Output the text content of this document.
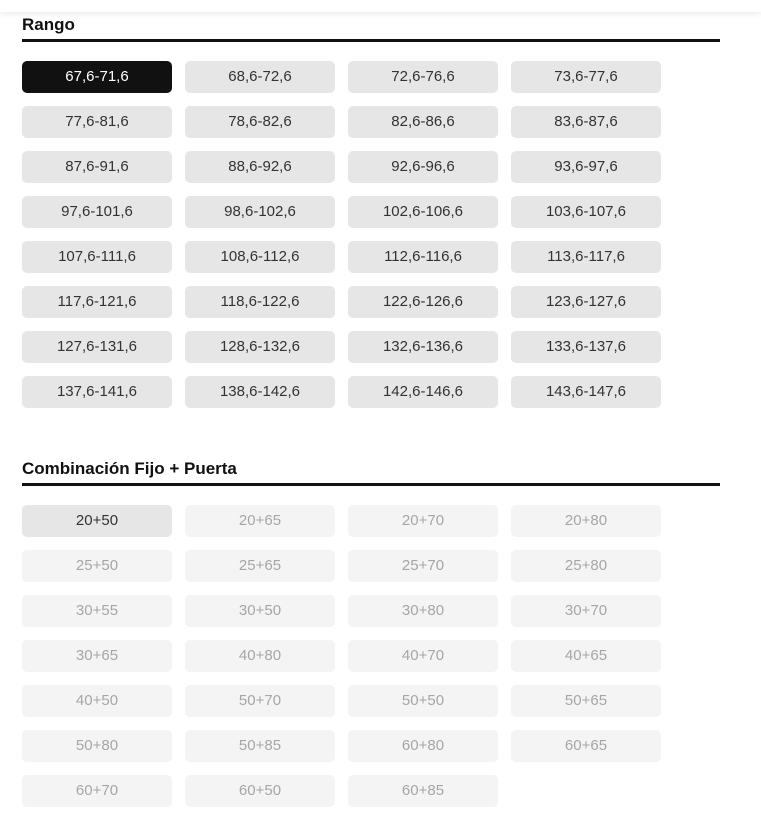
Rango
67,6-71,6	68,6-72,6	72,6-76,6	73,6-77,6
77,6-81,6	78,6-82,6	82,6-86,6	83,6-87,6
87,6-91,6	88,6-92,6	92,6-96,6	93,6-97,6
97,6-101,6	98,6-102,6	102,6-106,6	103,6-107,6
107,6-111,6	108,6-112,6	112,6-116,6	113,6-117,6
117,6-121,6	118,6-122,6	122,6-126,6	123,6-127,6
127,6-131,6	128,6-132,6	132,6-136,6	133,6-137,6
137,6-141,6	138,6-142,6	142,6-146,6	143,6-147,6
Combinación Fijo + Puerta
20+50	20+65	20+70	20+80
25+50	25+65	25+70	25+80
30+55	30+50	30+80	30+70
30+65	40+80	40+70	40+65
40+50	50+70	50+50	50+65
50+80	50+85	60+80	60+65
60+70	60+50	60+85
